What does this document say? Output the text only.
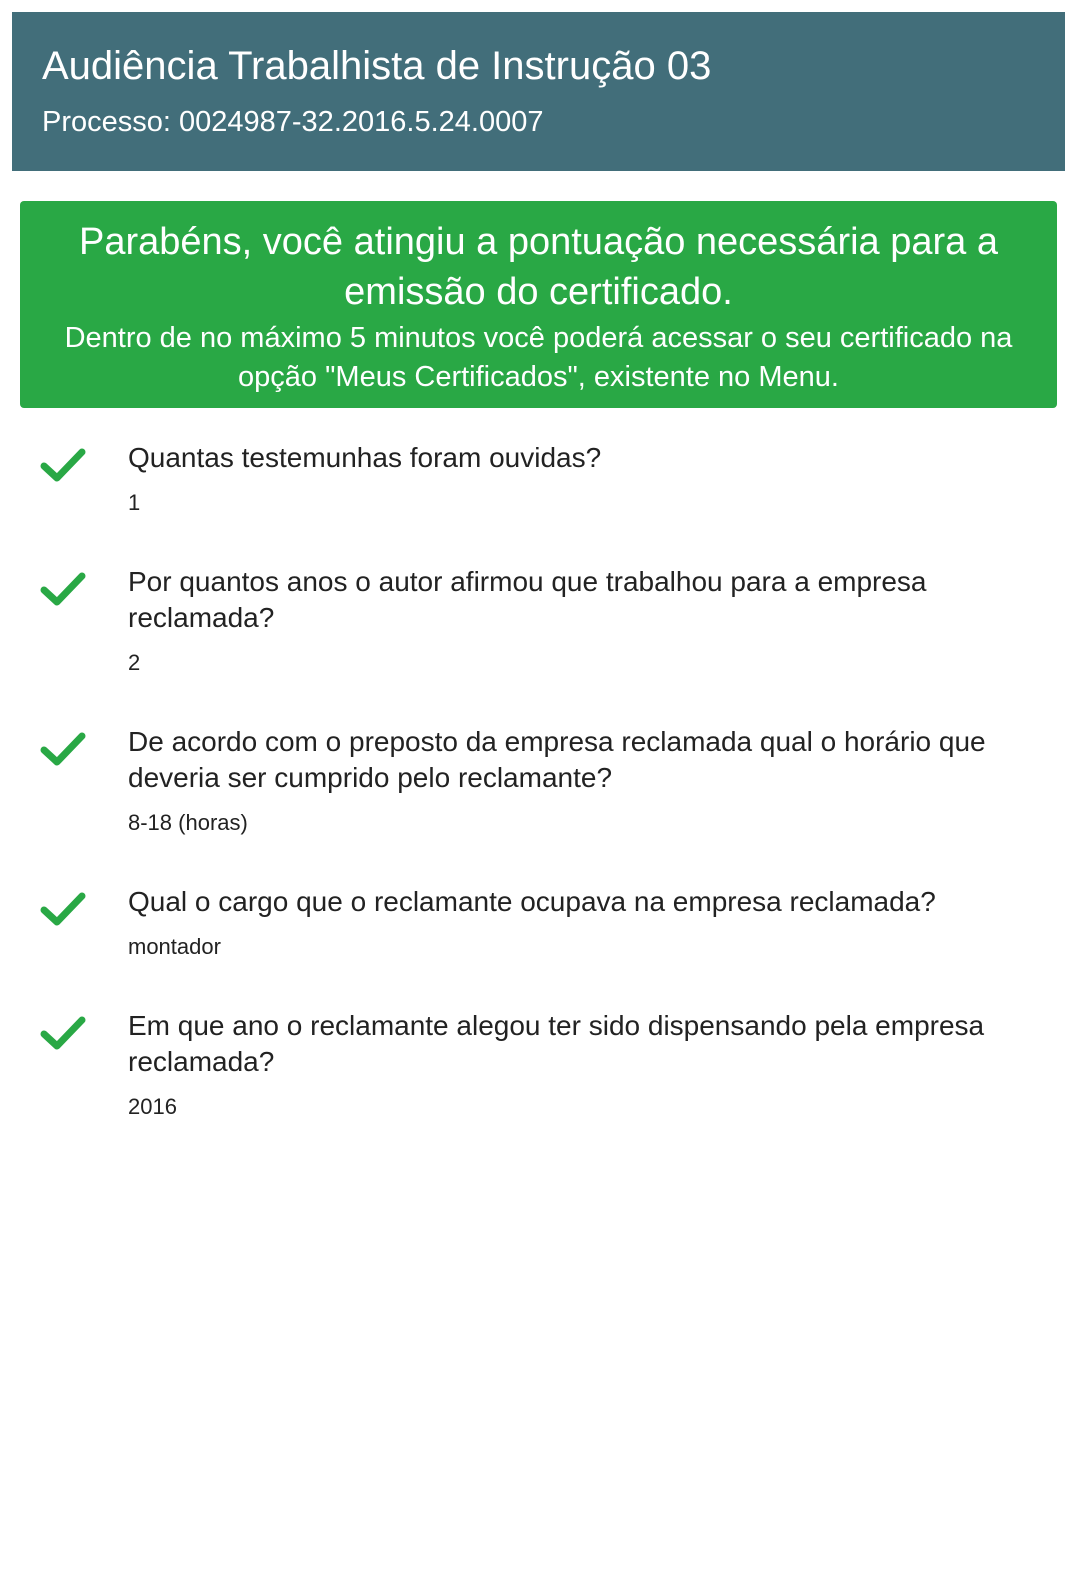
Audiência Trabalhista de Instrução 03
Processo: 0024987-32.2016.5.24.0007
Parabéns, você atingiu a pontuação necessária para a emissão do certificado.
Dentro de no máximo 5 minutos você poderá acessar o seu certificado na opção "Meus Certificados", existente no Menu.
Quantas testemunhas foram ouvidas?
1
Por quantos anos o autor afirmou que trabalhou para a empresa reclamada?
2
De acordo com o preposto da empresa reclamada qual o horário que deveria ser cumprido pelo reclamante?
8-18 (horas)
Qual o cargo que o reclamante ocupava na empresa reclamada?
montador
Em que ano o reclamante alegou ter sido dispensando pela empresa reclamada?
2016
